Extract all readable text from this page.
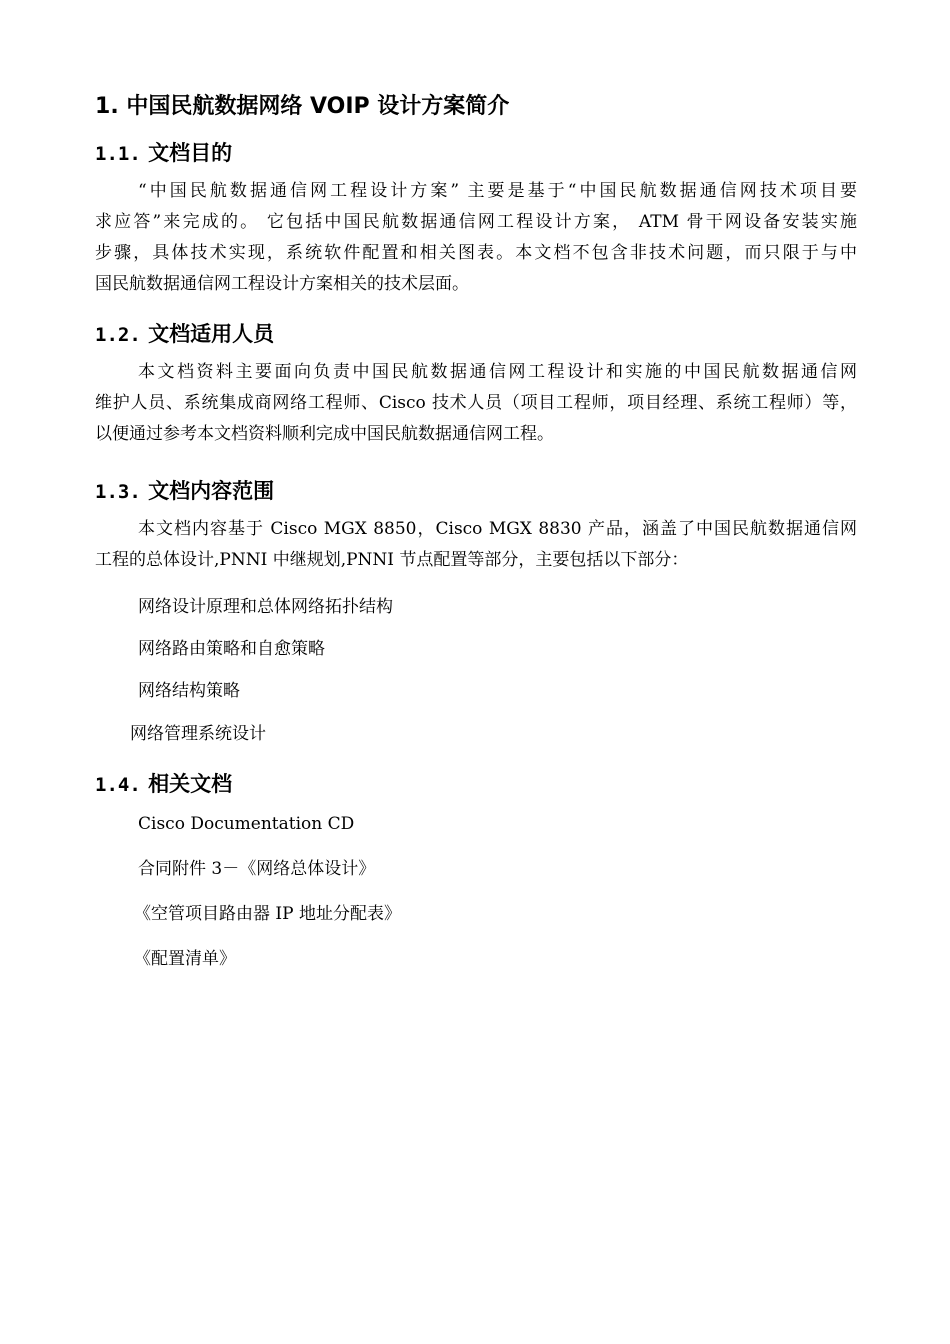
1. 中国民航数据网络 VOIP 设计方案简介
1.1. 文档目的
“中国民航数据通信网工程设计方案” 主要是基于“中国民航数据通信网技术项目要
求应答”来完成的。 它包括中国民航数据通信网工程设计方案， ATM 骨干网设备安装实施
步骤，具体技术实现，系统软件配置和相关图表。本文档不包含非技术问题，而只限于与中
国民航数据通信网工程设计方案相关的技术层面。
1.2. 文档适用人员
本文档资料主要面向负责中国民航数据通信网工程设计和实施的中国民航数据通信网
维护人员、系统集成商网络工程师、Cisco 技术人员（项目工程师，项目经理、系统工程师）等，
以便通过参考本文档资料顺利完成中国民航数据通信网工程。
1.3. 文档内容范围
本文档内容基于 Cisco MGX 8850，Cisco MGX 8830 产品，涵盖了中国民航数据通信网
工程的总体设计,PNNI 中继规划,PNNI 节点配置等部分，主要包括以下部分：
网络设计原理和总体网络拓扑结构
网络路由策略和自愈策略
网络结构策略
网络管理系统设计
1.4. 相关文档
Cisco Documentation CD
合同附件 3－《网络总体设计》
《空管项目路由器 IP 地址分配表》
《配置清单》
